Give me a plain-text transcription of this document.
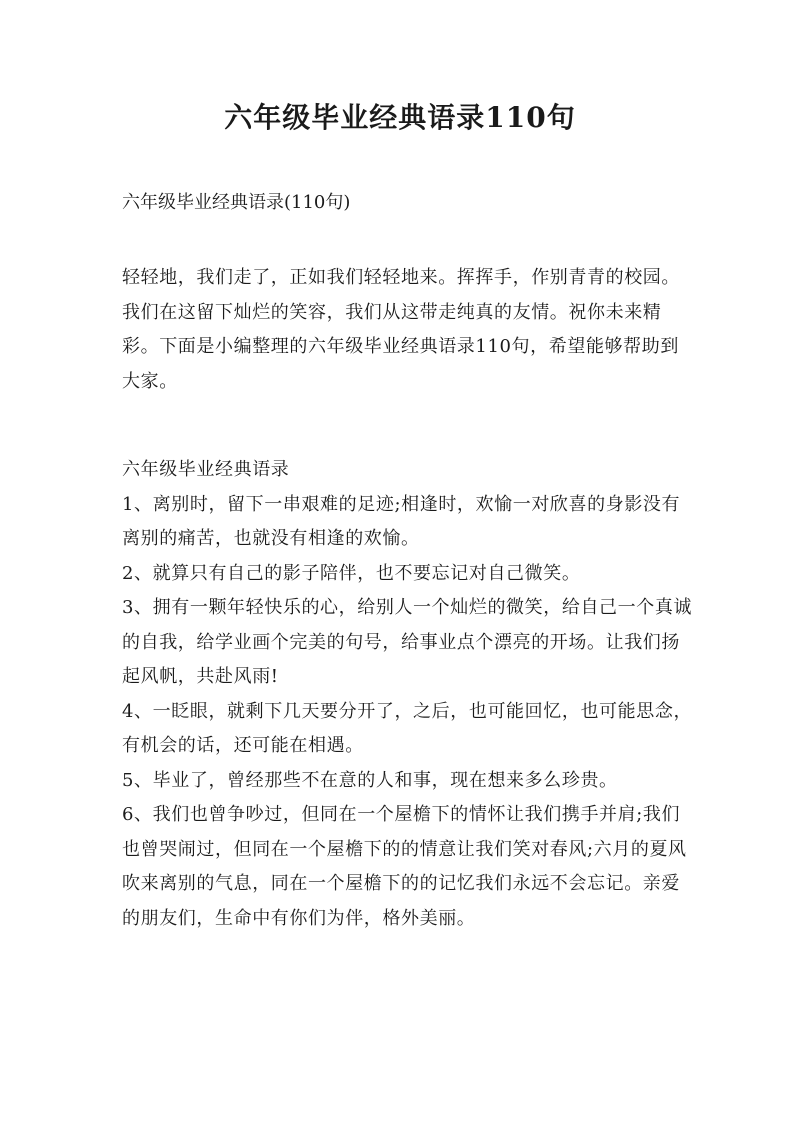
六年级毕业经典语录110句
六年级毕业经典语录(110句)
轻轻地，我们走了，正如我们轻轻地来。挥挥手，作别青青的校园。我们在这留下灿烂的笑容，我们从这带走纯真的友情。祝你未来精彩。下面是小编整理的六年级毕业经典语录110句，希望能够帮助到大家。
六年级毕业经典语录
1、离别时，留下一串艰难的足迹;相逢时，欢愉一对欣喜的身影没有离别的痛苦，也就没有相逢的欢愉。
2、就算只有自己的影子陪伴，也不要忘记对自己微笑。
3、拥有一颗年轻快乐的心，给别人一个灿烂的微笑，给自己一个真诚的自我，给学业画个完美的句号，给事业点个漂亮的开场。让我们扬起风帆，共赴风雨!
4、一眨眼，就剩下几天要分开了，之后，也可能回忆，也可能思念，有机会的话，还可能在相遇。
5、毕业了，曾经那些不在意的人和事，现在想来多么珍贵。
6、我们也曾争吵过，但同在一个屋檐下的情怀让我们携手并肩;我们也曾哭闹过，但同在一个屋檐下的的情意让我们笑对春风;六月的夏风吹来离别的气息，同在一个屋檐下的的记忆我们永远不会忘记。亲爱的朋友们，生命中有你们为伴，格外美丽。
